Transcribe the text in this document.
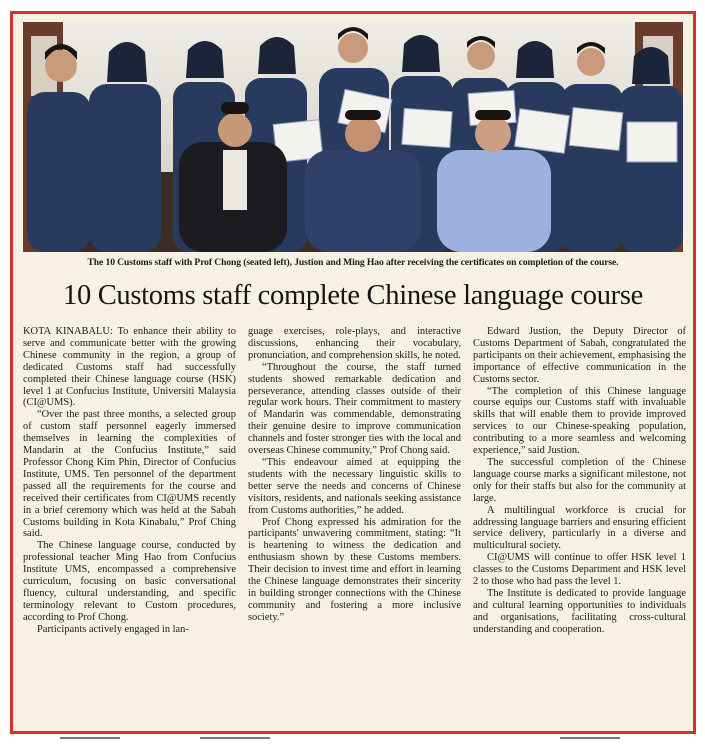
The 10 Customs staff with Prof Chong (seated left), Justion and Ming Hao after receiving the certificates on completion of the course.
10 Customs staff complete Chinese language course

KOTA KINABALU: To enhance their ability to serve and communicate better with the growing Chinese community in the region, a group of dedicated Customs staff had successfully completed their Chinese language course (HSK) level 1 at Confucius Institute, Universiti Malaysia (CI@UMS).

“Over the past three months, a selected group of custom staff personnel eagerly immersed themselves in learning the complexities of Mandarin at the Confucius Institute,” said Professor Chong Kim Phin, Director of Confucius Institute, UMS. Ten personnel of the department passed all the requirements for the course and received their certificates from CI@UMS recently in a brief ceremony which was held at the Sabah Customs building in Kota Kinabalu,” Prof Ching said.

The Chinese language course, conducted by professional teacher Ming Hao from Confucius Institute UMS, encompassed a comprehensive curriculum, focusing on basic conversational fluency, cultural understanding, and specific terminology relevant to Custom procedures, according to Prof Chong.

Participants actively engaged in lan-

guage exercises, role-plays, and interactive discussions, enhancing their vocabulary, pronunciation, and comprehension skills, he noted.

“Throughout the course, the staff turned students showed remarkable dedication and perseverance, attending classes outside of their regular work hours. Their commitment to mastery of Mandarin was commendable, demonstrating their genuine desire to improve communication channels and foster stronger ties with the local and overseas Chinese community,” Prof Chong said.

“This endeavour aimed at equipping the students with the necessary linguistic skills to better serve the needs and concerns of Chinese visitors, residents, and nationals seeking assistance from Customs authorities,” he added.

Prof Chong expressed his admiration for the participants' unwavering commitment, stating: “It is heartening to witness the dedication and enthusiasm shown by these Customs members. Their decision to invest time and effort in learning the Chinese language demonstrates their sincerity in building stronger connections with the Chinese community and fostering a more inclusive society.”

Edward Justion, the Deputy Director of Customs Department of Sabah, congratulated the participants on their achievement, emphasising the importance of effective communication in the Customs sector.

“The completion of this Chinese language course equips our Customs staff with invaluable skills that will enable them to provide improved services to our Chinese-speaking population, contributing to a more seamless and welcoming experience,” said Justion.

The successful completion of the Chinese language course marks a significant milestone, not only for their staffs but also for the community at large.

A multilingual workforce is crucial for addressing language barriers and ensuring efficient service delivery, particularly in a diverse and multicultural society.

CI@UMS will continue to offer HSK level 1 classes to the Customs Department and HSK level 2 to those who had pass the level 1.

The Institute is dedicated to provide language and cultural learning opportunities to individuals and organisations, facilitating cross-cultural understanding and cooperation.
